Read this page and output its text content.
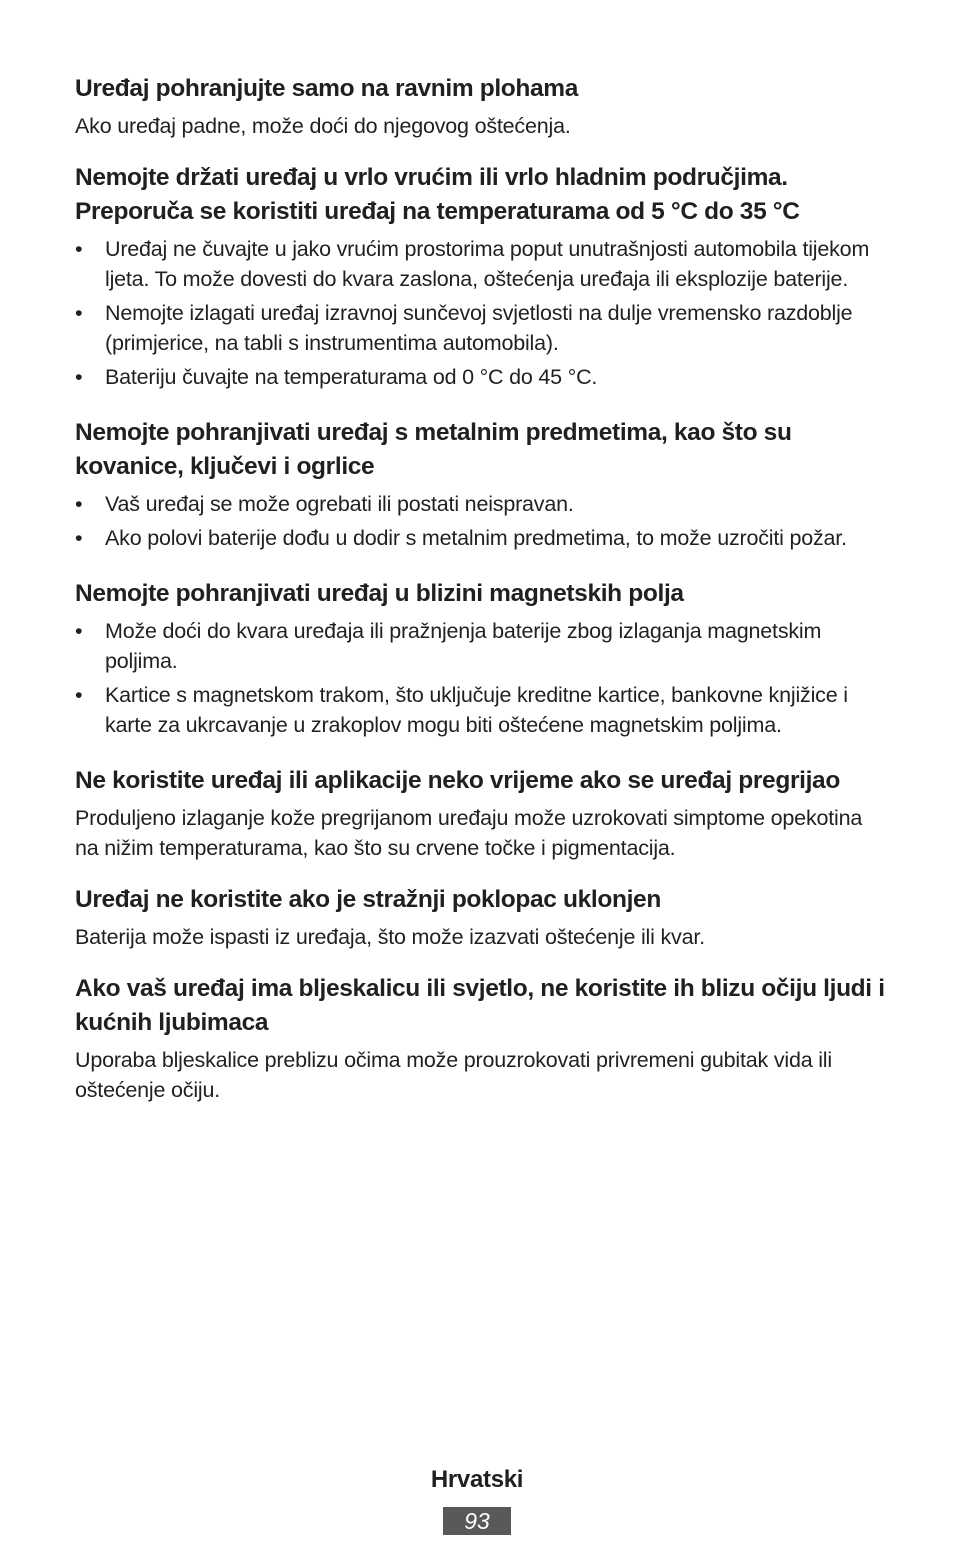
Uređaj pohranjujte samo na ravnim plohama

Ako uređaj padne, može doći do njegovog oštećenja.

Nemojte držati uređaj u vrlo vrućim ili vrlo hladnim područjima.
Preporuča se koristiti uređaj na temperaturama od 5 °C do 35 °C
• Uređaj ne čuvajte u jako vrućim prostorima poput unutrašnjosti automobila tijekom ljeta. To može dovesti do kvara zaslona, oštećenja uređaja ili eksplozije baterije.
• Nemojte izlagati uređaj izravnoj sunčevoj svjetlosti na dulje vremensko razdoblje (primjerice, na tabli s instrumentima automobila).
• Bateriju čuvajte na temperaturama od 0 °C do 45 °C.
Nemojte pohranjivati uređaj s metalnim predmetima, kao što su kovanice, ključevi i ogrlice
• Vaš uređaj se može ogrebati ili postati neispravan.
• Ako polovi baterije dođu u dodir s metalnim predmetima, to može uzročiti požar.
Nemojte pohranjivati uređaj u blizini magnetskih polja
• Može doći do kvara uređaja ili pražnjenja baterije zbog izlaganja magnetskim poljima.
• Kartice s magnetskom trakom, što uključuje kreditne kartice, bankovne knjižice i karte za ukrcavanje u zrakoplov mogu biti oštećene magnetskim poljima.
Ne koristite uređaj ili aplikacije neko vrijeme ako se uređaj pregrijao

Produljeno izlaganje kože pregrijanom uređaju može uzrokovati simptome opekotina na nižim temperaturama, kao što su crvene točke i pigmentacija.

Uređaj ne koristite ako je stražnji poklopac uklonjen

Baterija može ispasti iz uređaja, što može izazvati oštećenje ili kvar.

Ako vaš uređaj ima bljeskalicu ili svjetlo, ne koristite ih blizu očiju ljudi i kućnih ljubimaca

Uporaba bljeskalice preblizu očima može prouzrokovati privremeni gubitak vida ili oštećenje očiju.

Hrvatski
93
